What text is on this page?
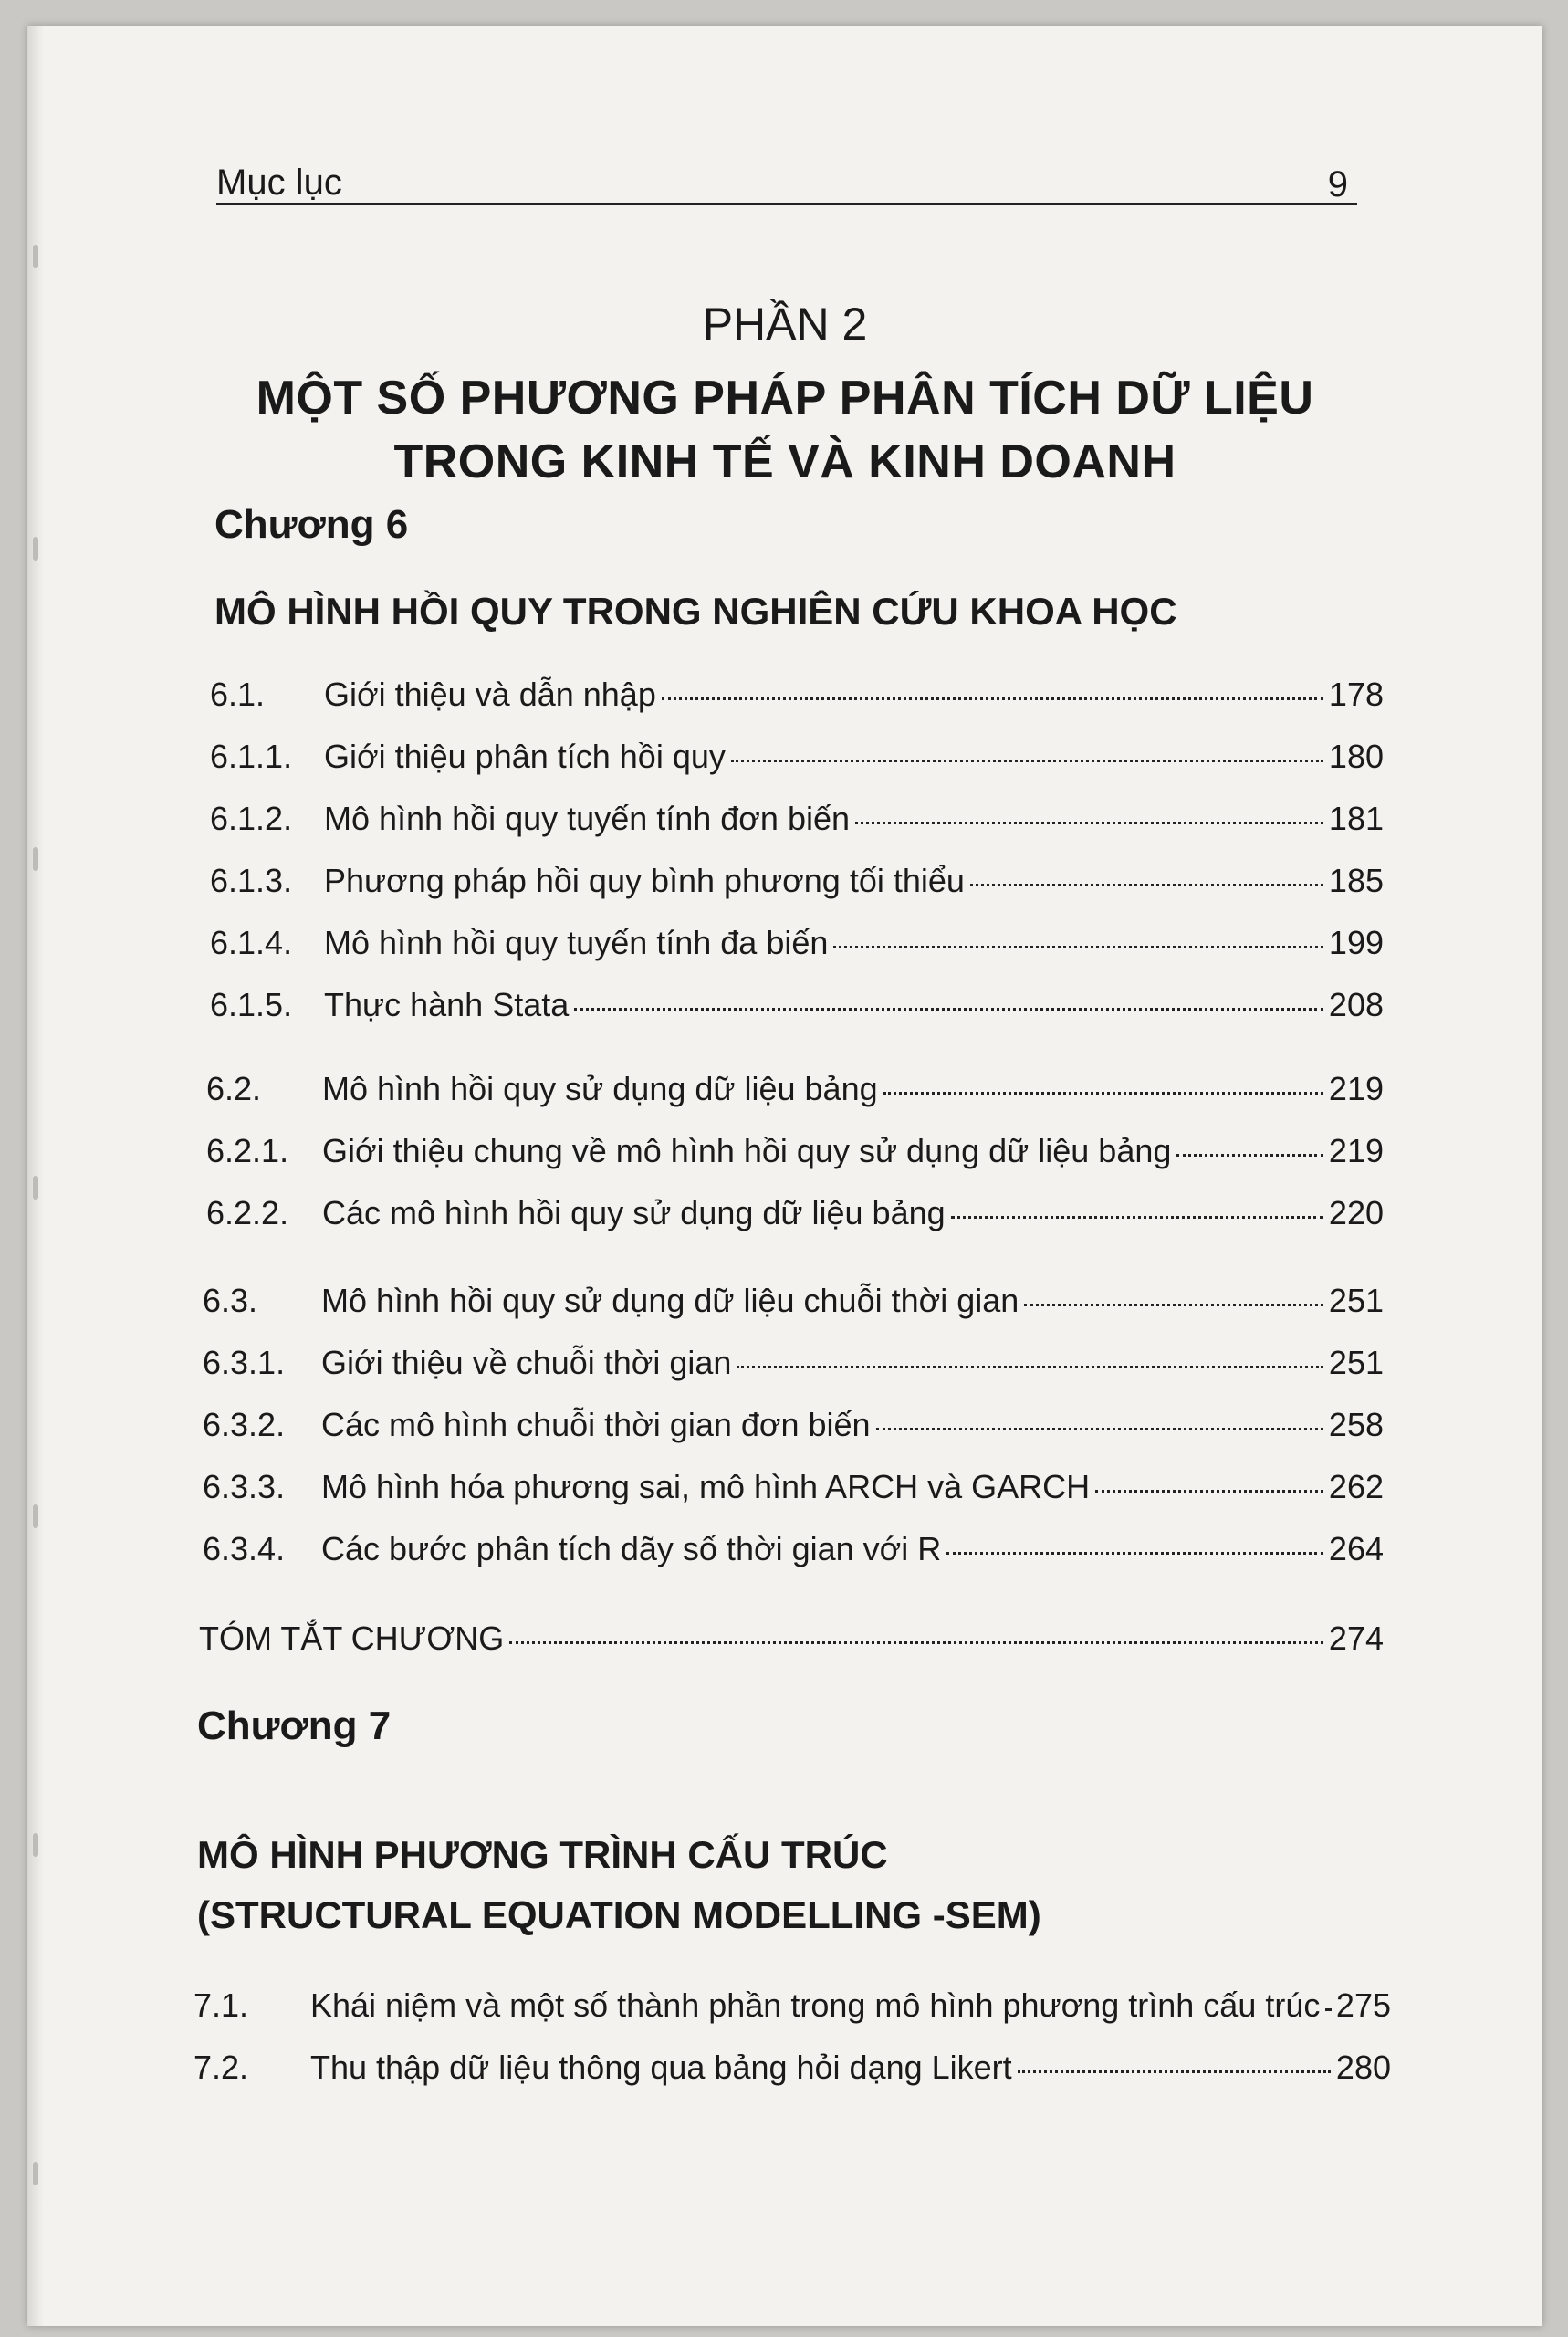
Mục lục	9
PHẦN 2
MỘT SỐ PHƯƠNG PHÁP PHÂN TÍCH DỮ LIỆU
TRONG KINH TẾ VÀ KINH DOANH
Chương 6
MÔ HÌNH HỒI QUY TRONG NGHIÊN CỨU KHOA HỌC
6.1.	Giới thiệu và dẫn nhập	178
6.1.1. Giới thiệu phân tích hồi quy	180
6.1.2. Mô hình hồi quy tuyến tính đơn biến	181
6.1.3. Phương pháp hồi quy bình phương tối thiểu	185
6.1.4. Mô hình hồi quy tuyến tính đa biến	199
6.1.5. Thực hành Stata	208
6.2.	Mô hình hồi quy sử dụng dữ liệu bảng	219
6.2.1.	Giới thiệu chung về mô hình hồi quy sử dụng dữ liệu bảng	219
6.2.2.	Các mô hình hồi quy sử dụng dữ liệu bảng	220
6.3.	Mô hình hồi quy sử dụng dữ liệu chuỗi thời gian	251
6.3.1.	Giới thiệu về chuỗi thời gian	251
6.3.2.	Các mô hình chuỗi thời gian đơn biến	258
6.3.3.	Mô hình hóa phương sai, mô hình ARCH và GARCH	262
6.3.4.	Các bước phân tích dãy số thời gian với R	264
TÓM TẮT CHƯƠNG	274
Chương 7
MÔ HÌNH PHƯƠNG TRÌNH CẤU TRÚC
(STRUCTURAL EQUATION MODELLING -SEM)
7.1.	Khái niệm và một số thành phần trong mô hình phương trình cấu trúc 275
7.2.	Thu thập dữ liệu thông qua bảng hỏi dạng Likert	280
